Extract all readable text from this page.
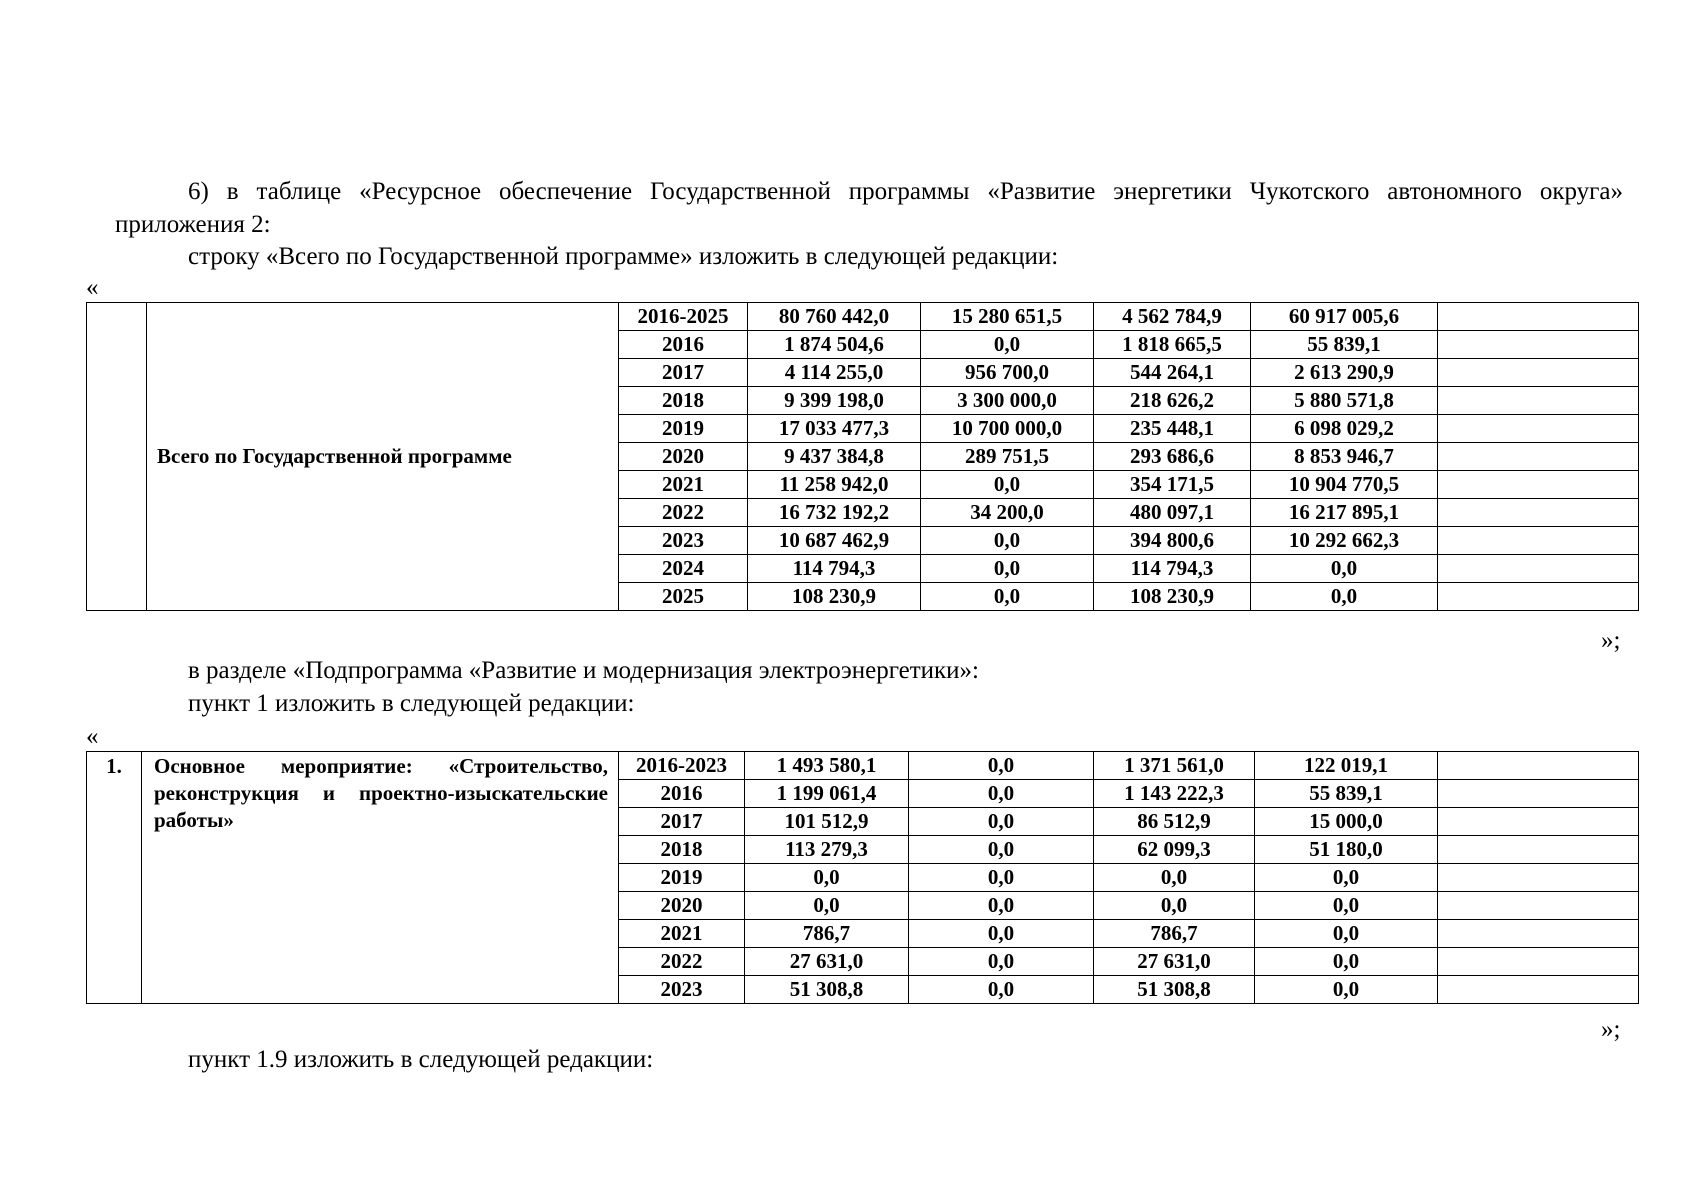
6) в таблице «Ресурсное обеспечение Государственной программы «Развитие энергетики Чукотского автономного округа» приложения 2:
строку «Всего по Государственной программе» изложить в следующей редакции:
«
	Всего по Государственной программе	2016-2025	80 760 442,0	15 280 651,5	4 562 784,9	60 917 005,6	
		2016	1 874 504,6	0,0	1 818 665,5	55 839,1	
		2017	4 114 255,0	956 700,0	544 264,1	2 613 290,9	
		2018	9 399 198,0	3 300 000,0	218 626,2	5 880 571,8	
		2019	17 033 477,3	10 700 000,0	235 448,1	6 098 029,2	
		2020	9 437 384,8	289 751,5	293 686,6	8 853 946,7	
		2021	11 258 942,0	0,0	354 171,5	10 904 770,5	
		2022	16 732 192,2	34 200,0	480 097,1	16 217 895,1	
		2023	10 687 462,9	0,0	394 800,6	10 292 662,3	
		2024	114 794,3	0,0	114 794,3	0,0	
		2025	108 230,9	0,0	108 230,9	0,0	
»;
в разделе «Подпрограмма «Развитие и модернизация электроэнергетики»:
пункт 1 изложить в следующей редакции:
«
1.	Основное мероприятие: «Строительство, реконструкция и проектно-изыскательские работы»	2016-2023	1 493 580,1	0,0	1 371 561,0	122 019,1	
		2016	1 199 061,4	0,0	1 143 222,3	55 839,1	
		2017	101 512,9	0,0	86 512,9	15 000,0	
		2018	113 279,3	0,0	62 099,3	51 180,0	
		2019	0,0	0,0	0,0	0,0	
		2020	0,0	0,0	0,0	0,0	
		2021	786,7	0,0	786,7	0,0	
		2022	27 631,0	0,0	27 631,0	0,0	
		2023	51 308,8	0,0	51 308,8	0,0	
»;
пункт 1.9 изложить в следующей редакции:
